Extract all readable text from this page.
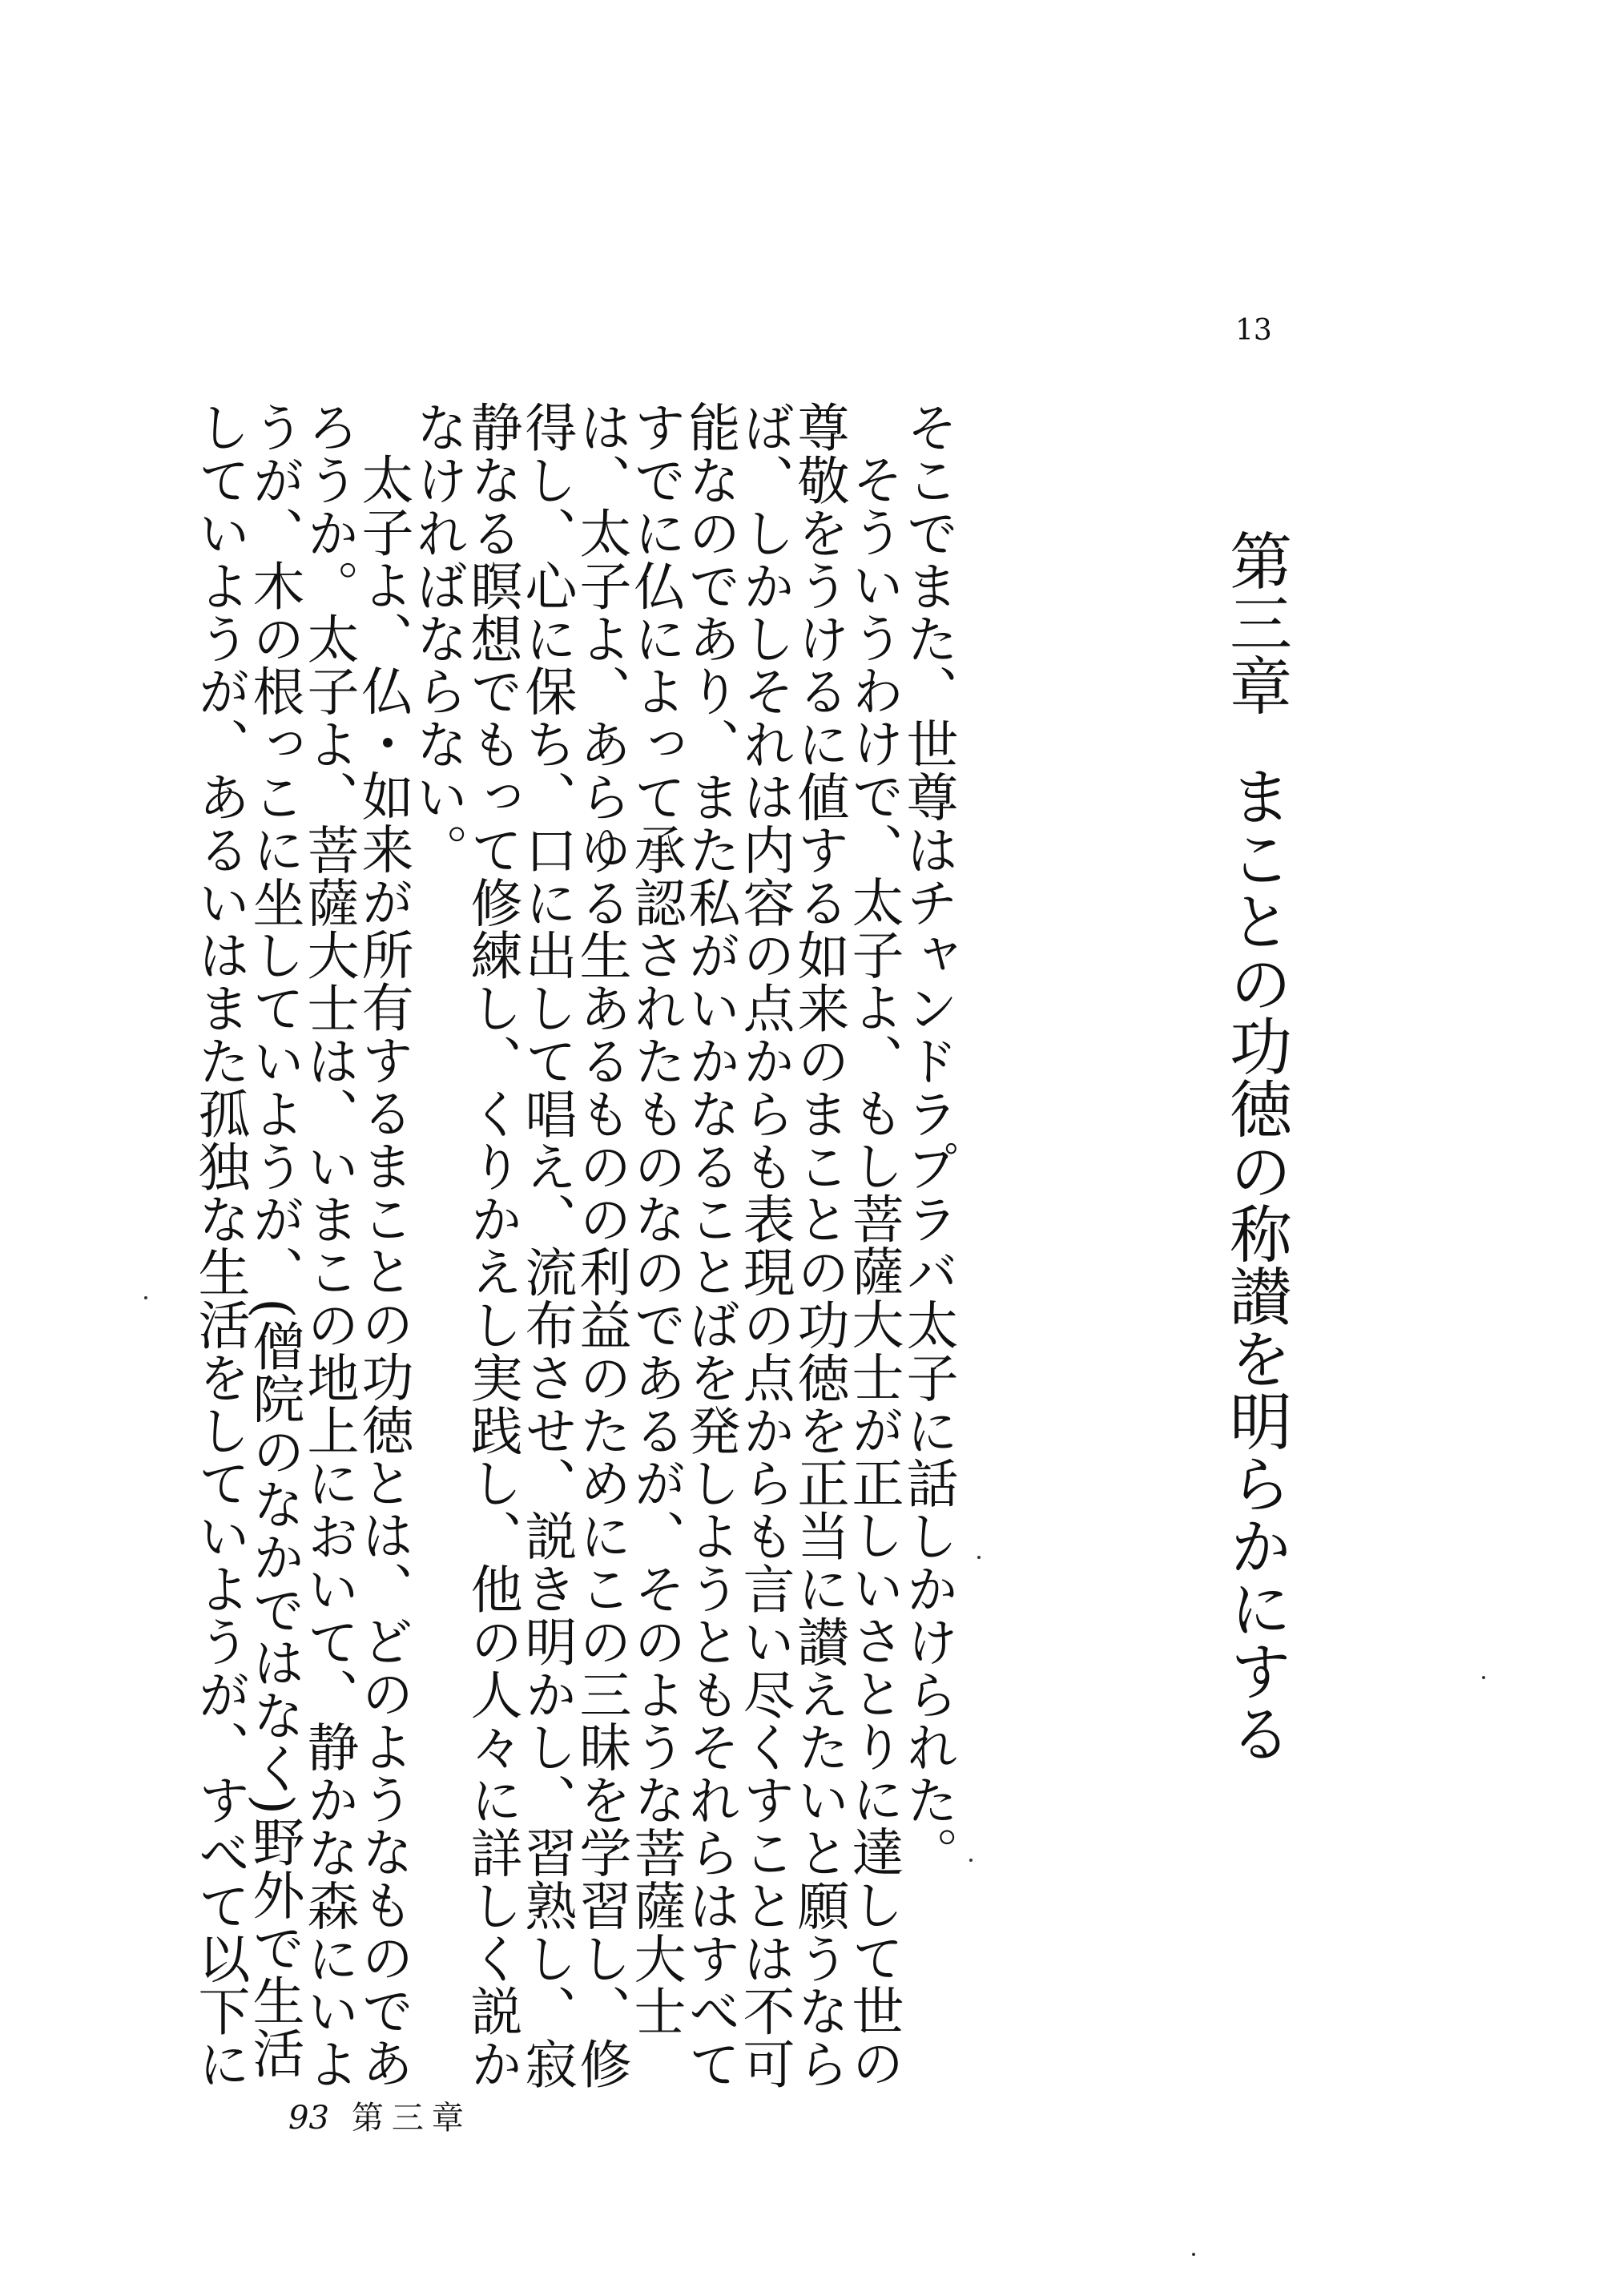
13
第三章まことの功徳の称讃を明らかにする

そこでまた、世尊はチャンドラプラバ太子に話しかけられた。

そういうわけで、太子よ、もし菩薩大士が正しいさとりに達して世の尊敬をうけるに値する如来のまことの功徳を正当に讃えたいと願うならば、しかしそれは内容の点からも表現の点からも言い尽くすことは不可能なのであり、また私がいかなることばを発しようともそれらはすべてすでに仏によって承認されたものなのであるが、そのような菩薩大士は、太子よ、あらゆる生あるものの利益のためにこの三昧を学習し、修得し、心に保ち、口に出して唱え、流布させ、説き明かし、習熟し、寂静なる瞑想でもって修練し、くりかえし実践し、他の人々に詳しく説かなければならない。

太子よ、仏・如来が所有するまことの功徳とは、どのようなものであろうか。太子よ、菩薩大士は、いまこの地上において、静かな森にいようが、木の根っこに坐していようが、(僧院のなかではなく)野外で生活していようが、あるいはまた孤独な生活をしていようが、すべて以下に

93 第三章
